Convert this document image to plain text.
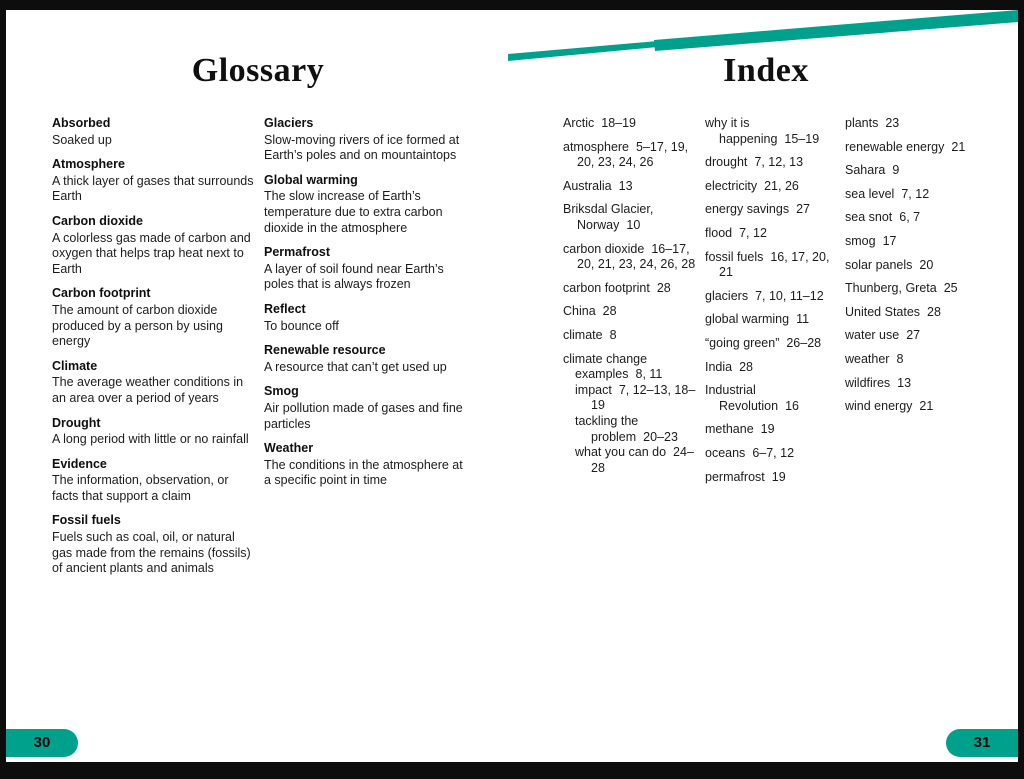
Glossary
Absorbed
Soaked up
Atmosphere
A thick layer of gases that surrounds Earth
Carbon dioxide
A colorless gas made of carbon and oxygen that helps trap heat next to Earth
Carbon footprint
The amount of carbon dioxide produced by a person by using energy
Climate
The average weather conditions in an area over a period of years
Drought
A long period with little or no rainfall
Evidence
The information, observation, or facts that support a claim
Fossil fuels
Fuels such as coal, oil, or natural gas made from the remains (fossils) of ancient plants and animals
Glaciers
Slow-moving rivers of ice formed at Earth’s poles and on mountaintops
Global warming
The slow increase of Earth’s temperature due to extra carbon dioxide in the atmosphere
Permafrost
A layer of soil found near Earth’s poles that is always frozen
Reflect
To bounce off
Renewable resource
A resource that can’t get used up
Smog
Air pollution made of gases and fine particles
Weather
The conditions in the atmosphere at a specific point in time
30
Index
Arctic 18–19
atmosphere 5–17, 19, 20, 23, 24, 26
Australia 13
Briksdal Glacier, Norway 10
carbon dioxide 16–17, 20, 21, 23, 24, 26, 28
carbon footprint 28
China 28
climate 8
climate change
examples 8, 11
impact 7, 12–13, 18–19
tackling the problem 20–23
what you can do 24–28
why it is happening 15–19
drought 7, 12, 13
electricity 21, 26
energy savings 27
flood 7, 12
fossil fuels 16, 17, 20, 21
glaciers 7, 10, 11–12
global warming 11
“going green” 26–28
India 28
Industrial Revolution 16
methane 19
oceans 6–7, 12
permafrost 19
plants 23
renewable energy 21
Sahara 9
sea level 7, 12
sea snot 6, 7
smog 17
solar panels 20
Thunberg, Greta 25
United States 28
water use 27
weather 8
wildfires 13
wind energy 21
31
